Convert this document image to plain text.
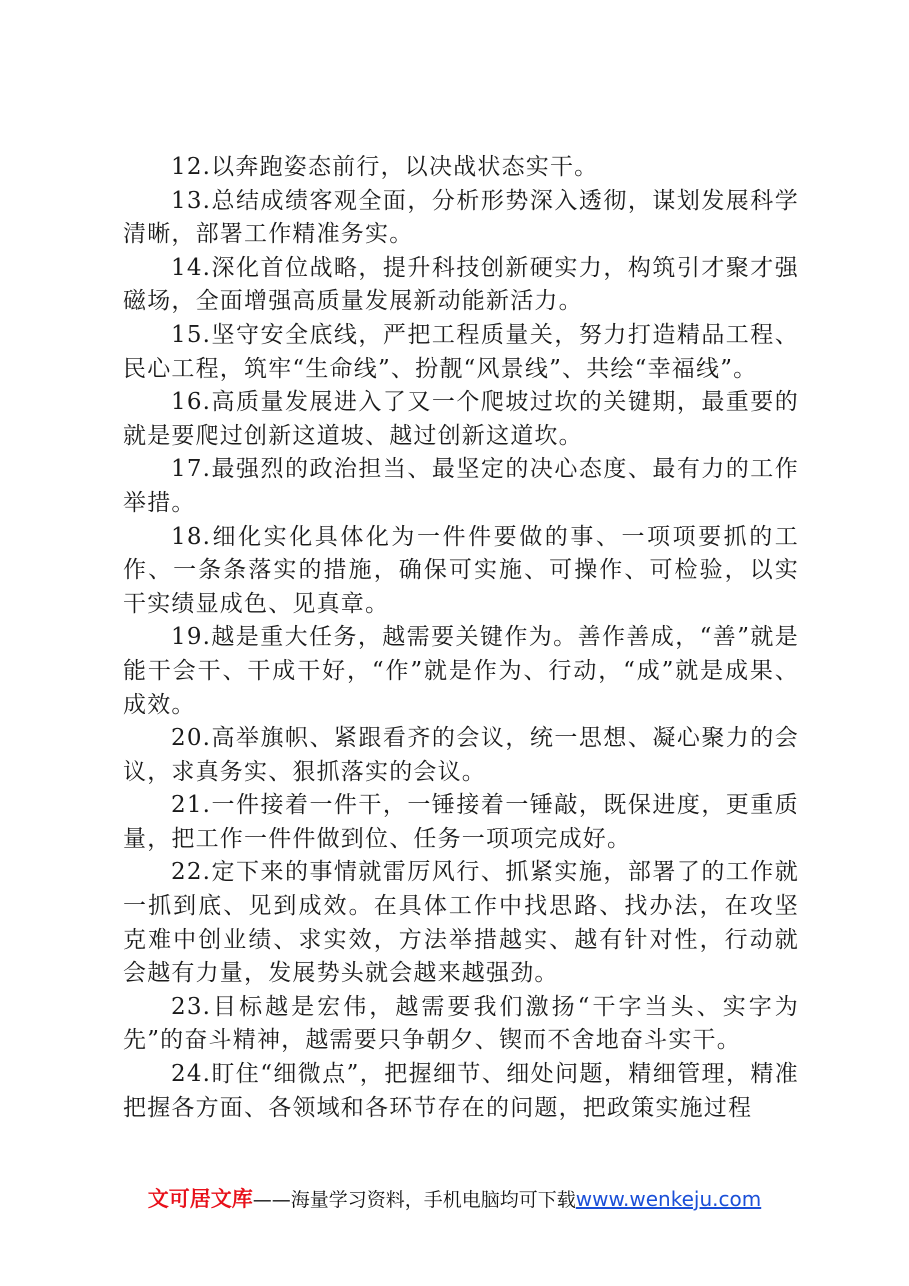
12.以奔跑姿态前行，以决战状态实干。

13.总结成绩客观全面，分析形势深入透彻，谋划发展科学清晰，部署工作精准务实。

14.深化首位战略，提升科技创新硬实力，构筑引才聚才强磁场，全面增强高质量发展新动能新活力。

15.坚守安全底线，严把工程质量关，努力打造精品工程、民心工程，筑牢“生命线”、扮靓“风景线”、共绘“幸福线”。

16.高质量发展进入了又一个爬坡过坎的关键期，最重要的就是要爬过创新这道坡、越过创新这道坎。

17.最强烈的政治担当、最坚定的决心态度、最有力的工作举措。

18.细化实化具体化为一件件要做的事、一项项要抓的工作、一条条落实的措施，确保可实施、可操作、可检验，以实干实绩显成色、见真章。

19.越是重大任务，越需要关键作为。善作善成，“善”就是能干会干、干成干好，“作”就是作为、行动，“成”就是成果、成效。

20.高举旗帜、紧跟看齐的会议，统一思想、凝心聚力的会议，求真务实、狠抓落实的会议。

21.一件接着一件干，一锤接着一锤敲，既保进度，更重质量，把工作一件件做到位、任务一项项完成好。

22.定下来的事情就雷厉风行、抓紧实施，部署了的工作就一抓到底、见到成效。在具体工作中找思路、找办法，在攻坚克难中创业绩、求实效，方法举措越实、越有针对性，行动就会越有力量，发展势头就会越来越强劲。

23.目标越是宏伟，越需要我们激扬“干字当头、实字为先”的奋斗精神，越需要只争朝夕、锲而不舍地奋斗实干。

24.盯住“细微点”，把握细节、细处问题，精细管理，精准把握各方面、各领域和各环节存在的问题，把政策实施过程

文可居文库——海量学习资料，手机电脑均可下载www.wenkeju.com
